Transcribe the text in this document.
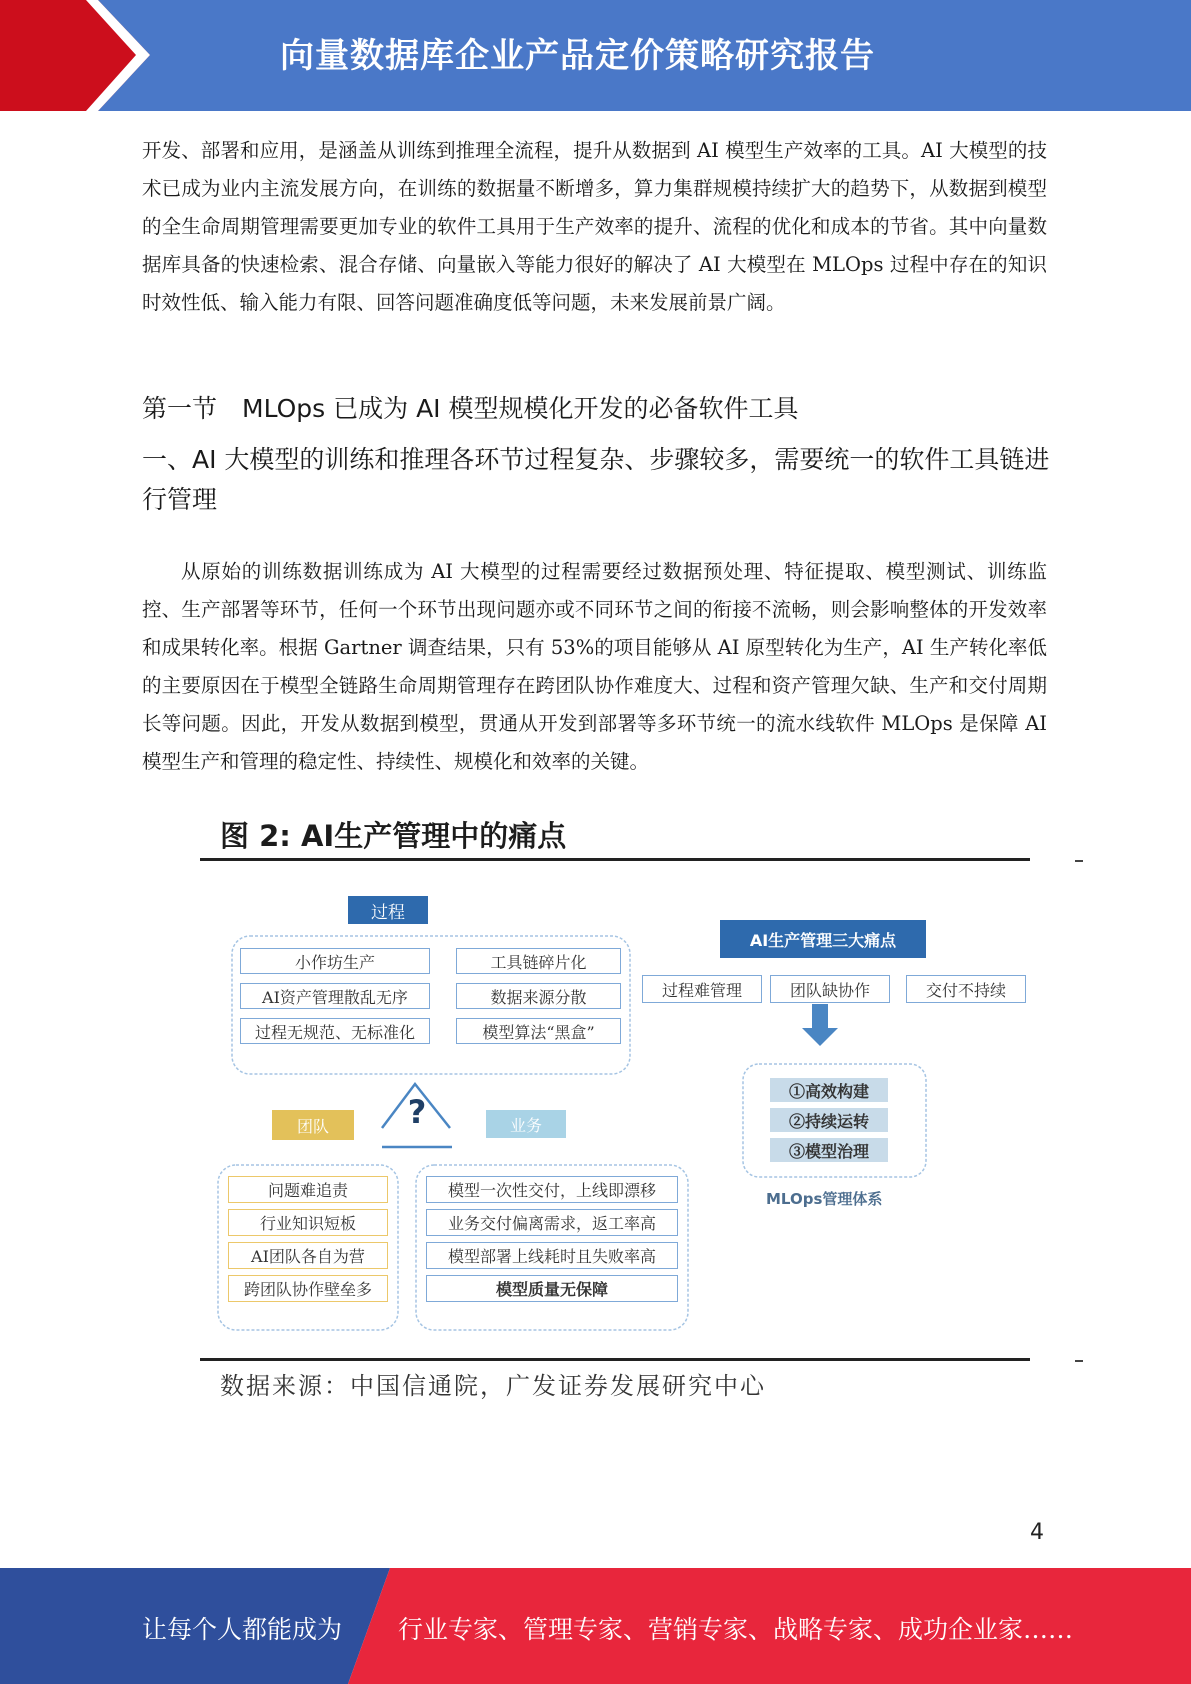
向量数据库企业产品定价策略研究报告

开发、部署和应用，是涵盖从训练到推理全流程，提升从数据到 AI 模型生产效率的工具。AI 大模型的技术已成为业内主流发展方向，在训练的数据量不断增多，算力集群规模持续扩大的趋势下，从数据到模型的全生命周期管理需要更加专业的软件工具用于生产效率的提升、流程的优化和成本的节省。其中向量数据库具备的快速检索、混合存储、向量嵌入等能力很好的解决了 AI 大模型在 MLOps 过程中存在的知识时效性低、输入能力有限、回答问题准确度低等问题，未来发展前景广阔。

第一节　MLOps 已成为 AI 模型规模化开发的必备软件工具
一、AI 大模型的训练和推理各环节过程复杂、步骤较多，需要统一的软件工具链进行管理

从原始的训练数据训练成为 AI 大模型的过程需要经过数据预处理、特征提取、模型测试、训练监控、生产部署等环节，任何一个环节出现问题亦或不同环节之间的衔接不流畅，则会影响整体的开发效率和成果转化率。根据 Gartner 调查结果，只有 53%的项目能够从 AI 原型转化为生产，AI 生产转化率低的主要原因在于模型全链路生命周期管理存在跨团队协作难度大、过程和资产管理欠缺、生产和交付周期长等问题。因此，开发从数据到模型，贯通从开发到部署等多环节统一的流水线软件 MLOps 是保障 AI 模型生产和管理的稳定性、持续性、规模化和效率的关键。

图 2: AI生产管理中的痛点
过程
小作坊生产
AI资产管理散乱无序
过程无规范、无标准化
工具链碎片化
数据来源分散
模型算法“黑盒”
?
团队
问题难追责
行业知识短板
AI团队各自为营
跨团队协作壁垒多
业务
模型一次性交付，上线即漂移
业务交付偏离需求，返工率高
模型部署上线耗时且失败率高
模型质量无保障
AI生产管理三大痛点
过程难管理	团队缺协作	交付不持续
①高效构建
②持续运转
③模型治理
MLOps管理体系
数据来源：中国信通院，广发证券发展研究中心
4
让每个人都能成为 行业专家、管理专家、营销专家、战略专家、成功企业家……
